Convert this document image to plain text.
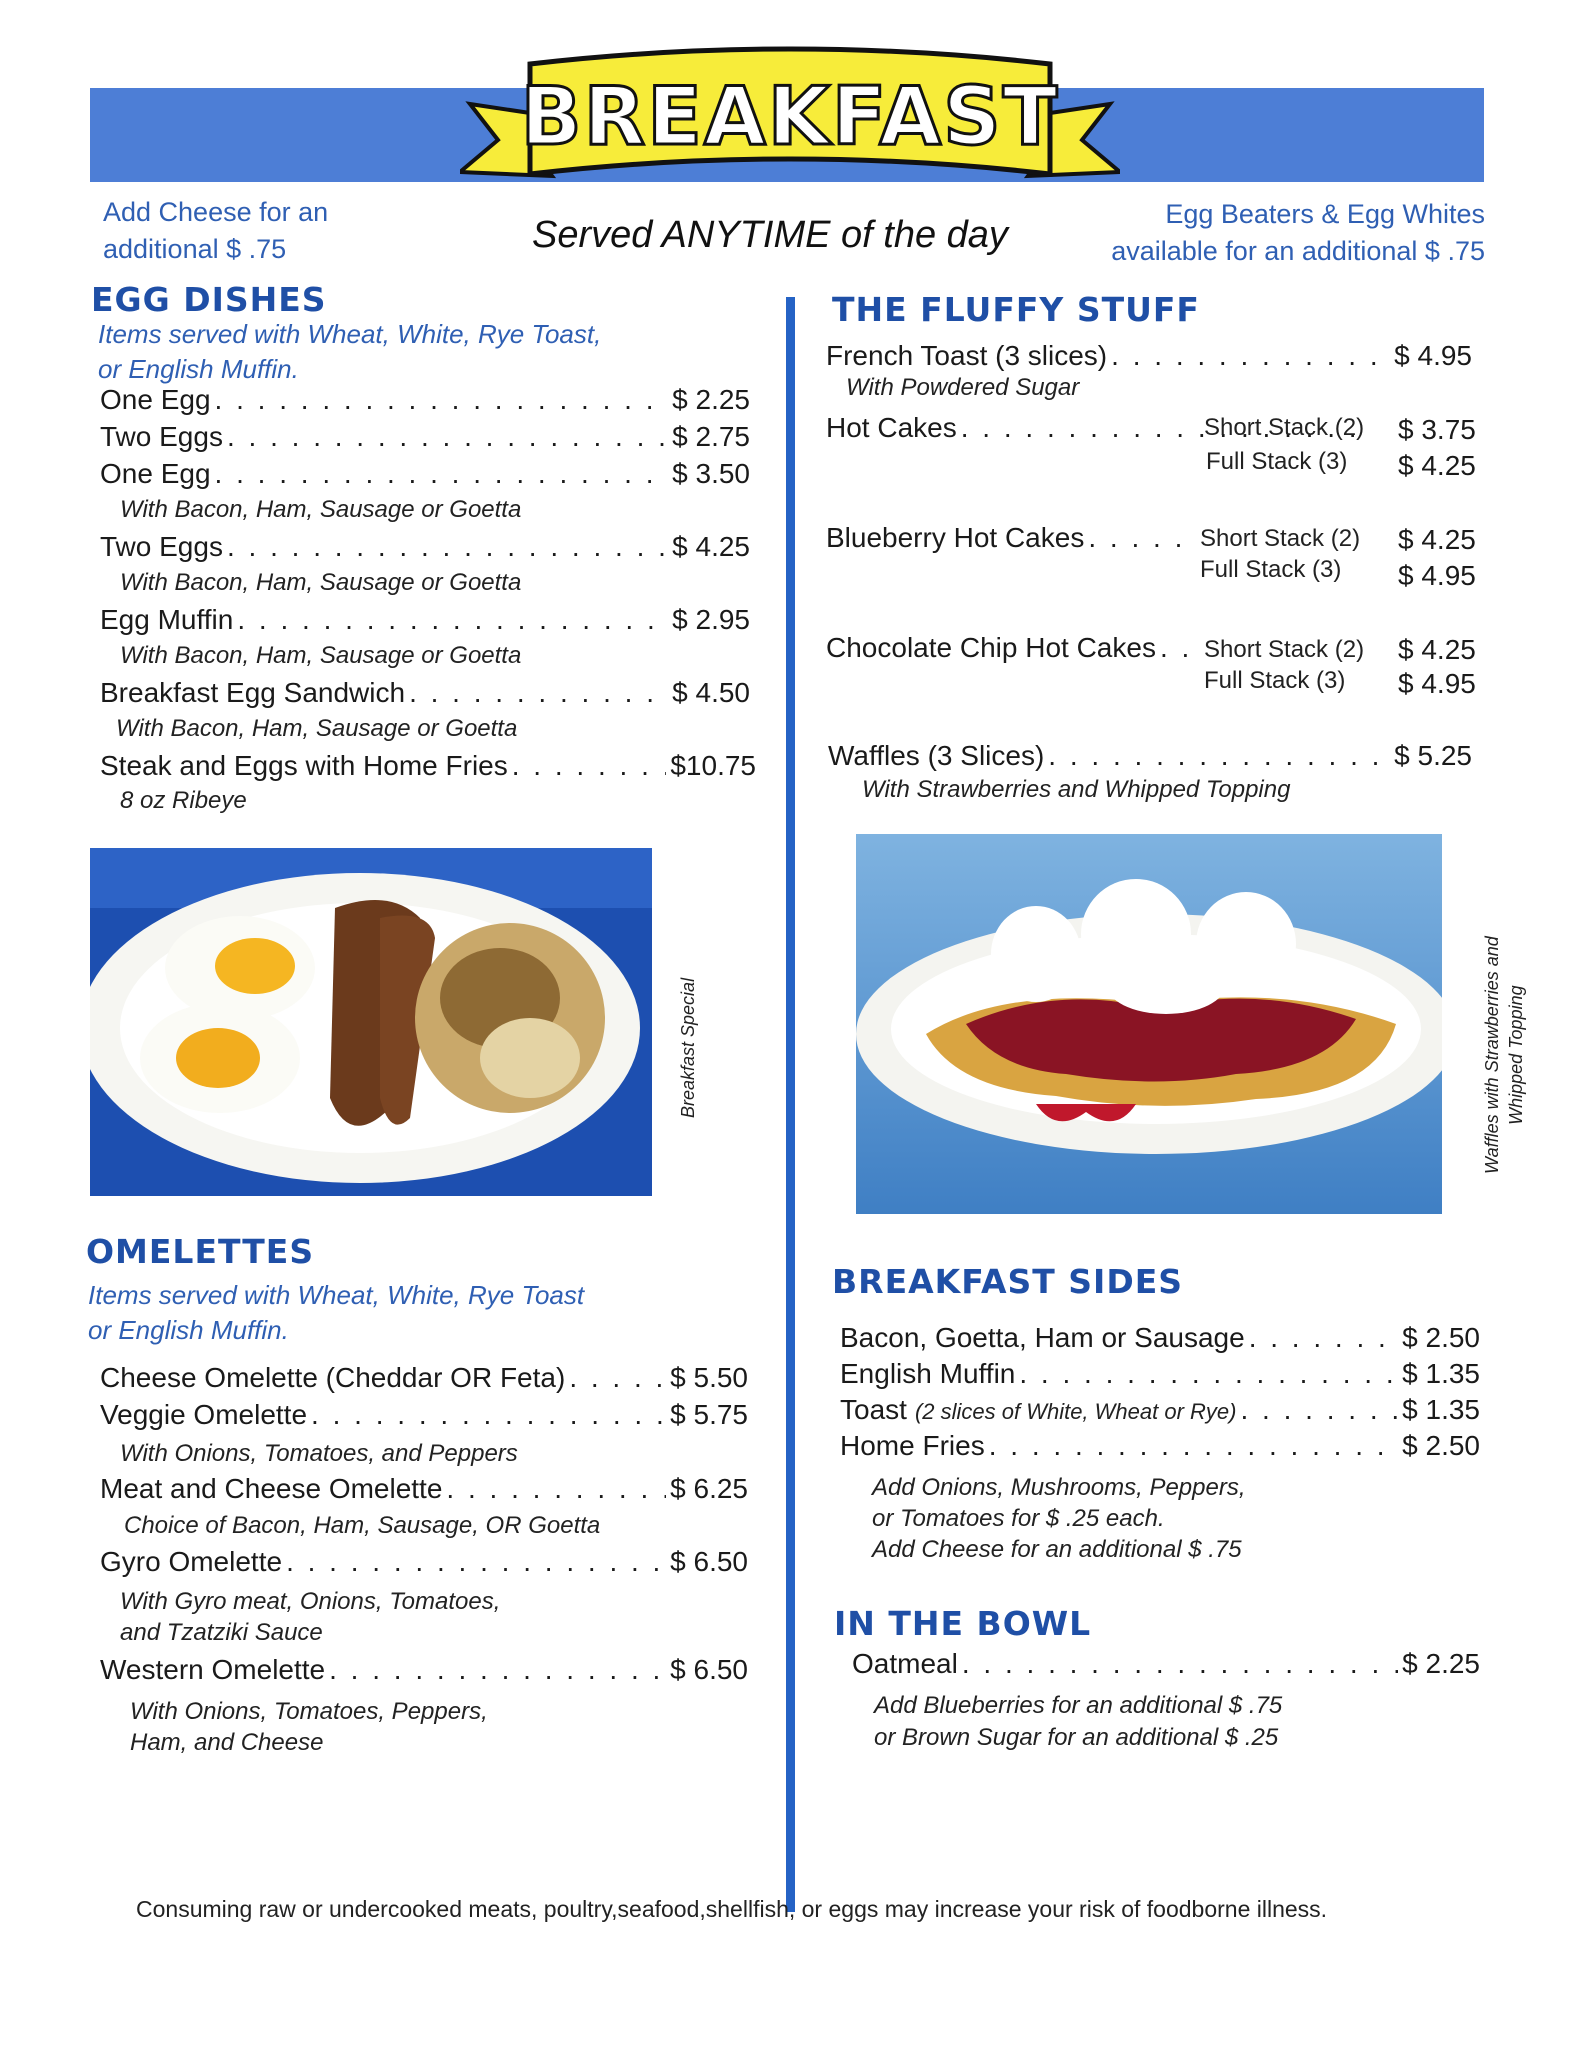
BREAKFAST
Add Cheese for an
additional $ .75	Served ANYTIME of the day	Egg Beaters & Egg Whites
available for an additional $ .75
EGG DISHES
Items served with Wheat, White, Rye Toast,
or English Muffin.
One Egg . . .	$ 2.25
Two Eggs . . .	$ 2.75
One Egg . . .	$ 3.50
With Bacon, Ham, Sausage or Goetta
Two Eggs . . .	$ 4.25
With Bacon, Ham, Sausage or Goetta
Egg Muffin . . .	$ 2.95
With Bacon, Ham, Sausage or Goetta
Breakfast Egg Sandwich . . .	$ 4.50
With Bacon, Ham, Sausage or Goetta
Steak and Eggs with Home Fries . . .	$10.75
8 oz Ribeye
Breakfast Special
OMELETTES
Items served with Wheat, White, Rye Toast
or English Muffin.
Cheese Omelette (Cheddar OR Feta) . . .	$ 5.50
Veggie Omelette . . .	$ 5.75
With Onions, Tomatoes, and Peppers
Meat and Cheese Omelette . . .	$ 6.25
Choice of Bacon, Ham, Sausage, OR Goetta
Gyro Omelette . . .	$ 6.50
With Gyro meat, Onions, Tomatoes,
and Tzatziki Sauce
Western Omelette . . .	$ 6.50
With Onions, Tomatoes, Peppers,
Ham, and Cheese
THE FLUFFY STUFF
French Toast (3 slices) . . .	$ 4.95
With Powdered Sugar
Hot Cakes . . .	Short Stack (2) $ 3.75
Full Stack (3) $ 4.25
Blueberry Hot Cakes . . .	Short Stack (2) $ 4.25
Full Stack (3) $ 4.95
Chocolate Chip Hot Cakes . . . Short Stack (2) $ 4.25
Full Stack (3) $ 4.95
Waffles (3 Slices) . . .	$ 5.25
With Strawberries and Whipped Topping
Waffles with Strawberries and Whipped Topping
BREAKFAST SIDES
Bacon, Goetta, Ham or Sausage . . .	$ 2.50
English Muffin . . .	$ 1.35
Toast (2 slices of White, Wheat or Rye) . . .	$ 1.35
Home Fries . . .	$ 2.50
Add Onions, Mushrooms, Peppers,
or Tomatoes for $ .25 each.
Add Cheese for an additional $ .75
IN THE BOWL
Oatmeal . . .	$ 2.25
Add Blueberries for an additional $ .75
or Brown Sugar for an additional $ .25
Consuming raw or undercooked meats, poultry,seafood,shellfish, or eggs may increase your risk of foodborne illness.
